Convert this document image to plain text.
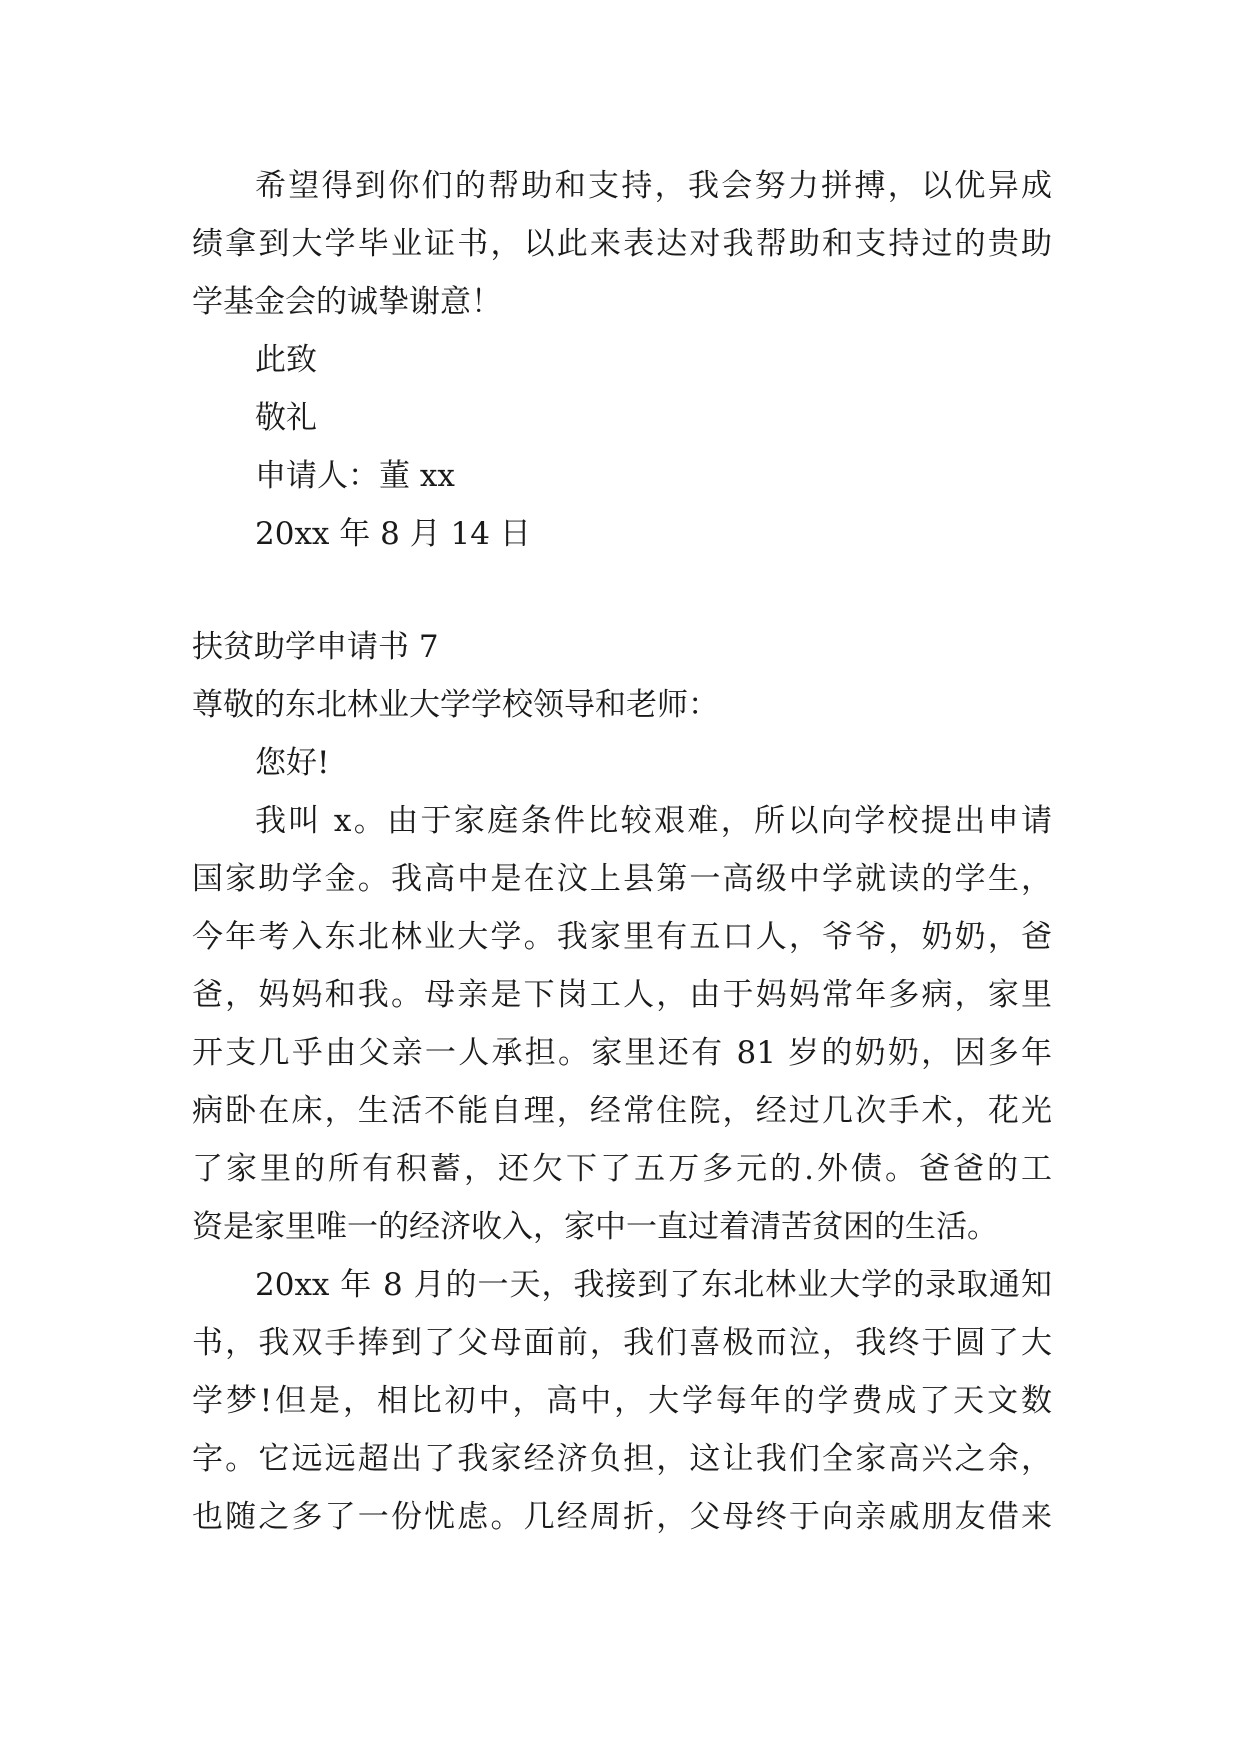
希望得到你们的帮助和支持，我会努力拼搏，以优异成
绩拿到大学毕业证书，以此来表达对我帮助和支持过的贵助
学基金会的诚挚谢意！
此致
敬礼
申请人：董 xx
20xx 年 8 月 14 日
扶贫助学申请书 7
尊敬的东北林业大学学校领导和老师：
您好!
我叫 x。由于家庭条件比较艰难，所以向学校提出申请
国家助学金。我高中是在汶上县第一高级中学就读的学生，
今年考入东北林业大学。我家里有五口人，爷爷，奶奶，爸
爸，妈妈和我。母亲是下岗工人，由于妈妈常年多病，家里
开支几乎由父亲一人承担。家里还有 81 岁的奶奶，因多年
病卧在床，生活不能自理，经常住院，经过几次手术，花光
了家里的所有积蓄，还欠下了五万多元的.外债。爸爸的工
资是家里唯一的经济收入，家中一直过着清苦贫困的生活。
20xx 年 8 月的一天，我接到了东北林业大学的录取通知
书，我双手捧到了父母面前，我们喜极而泣，我终于圆了大
学梦!但是，相比初中，高中，大学每年的学费成了天文数
字。它远远超出了我家经济负担，这让我们全家高兴之余，
也随之多了一份忧虑。几经周折，父母终于向亲戚朋友借来
